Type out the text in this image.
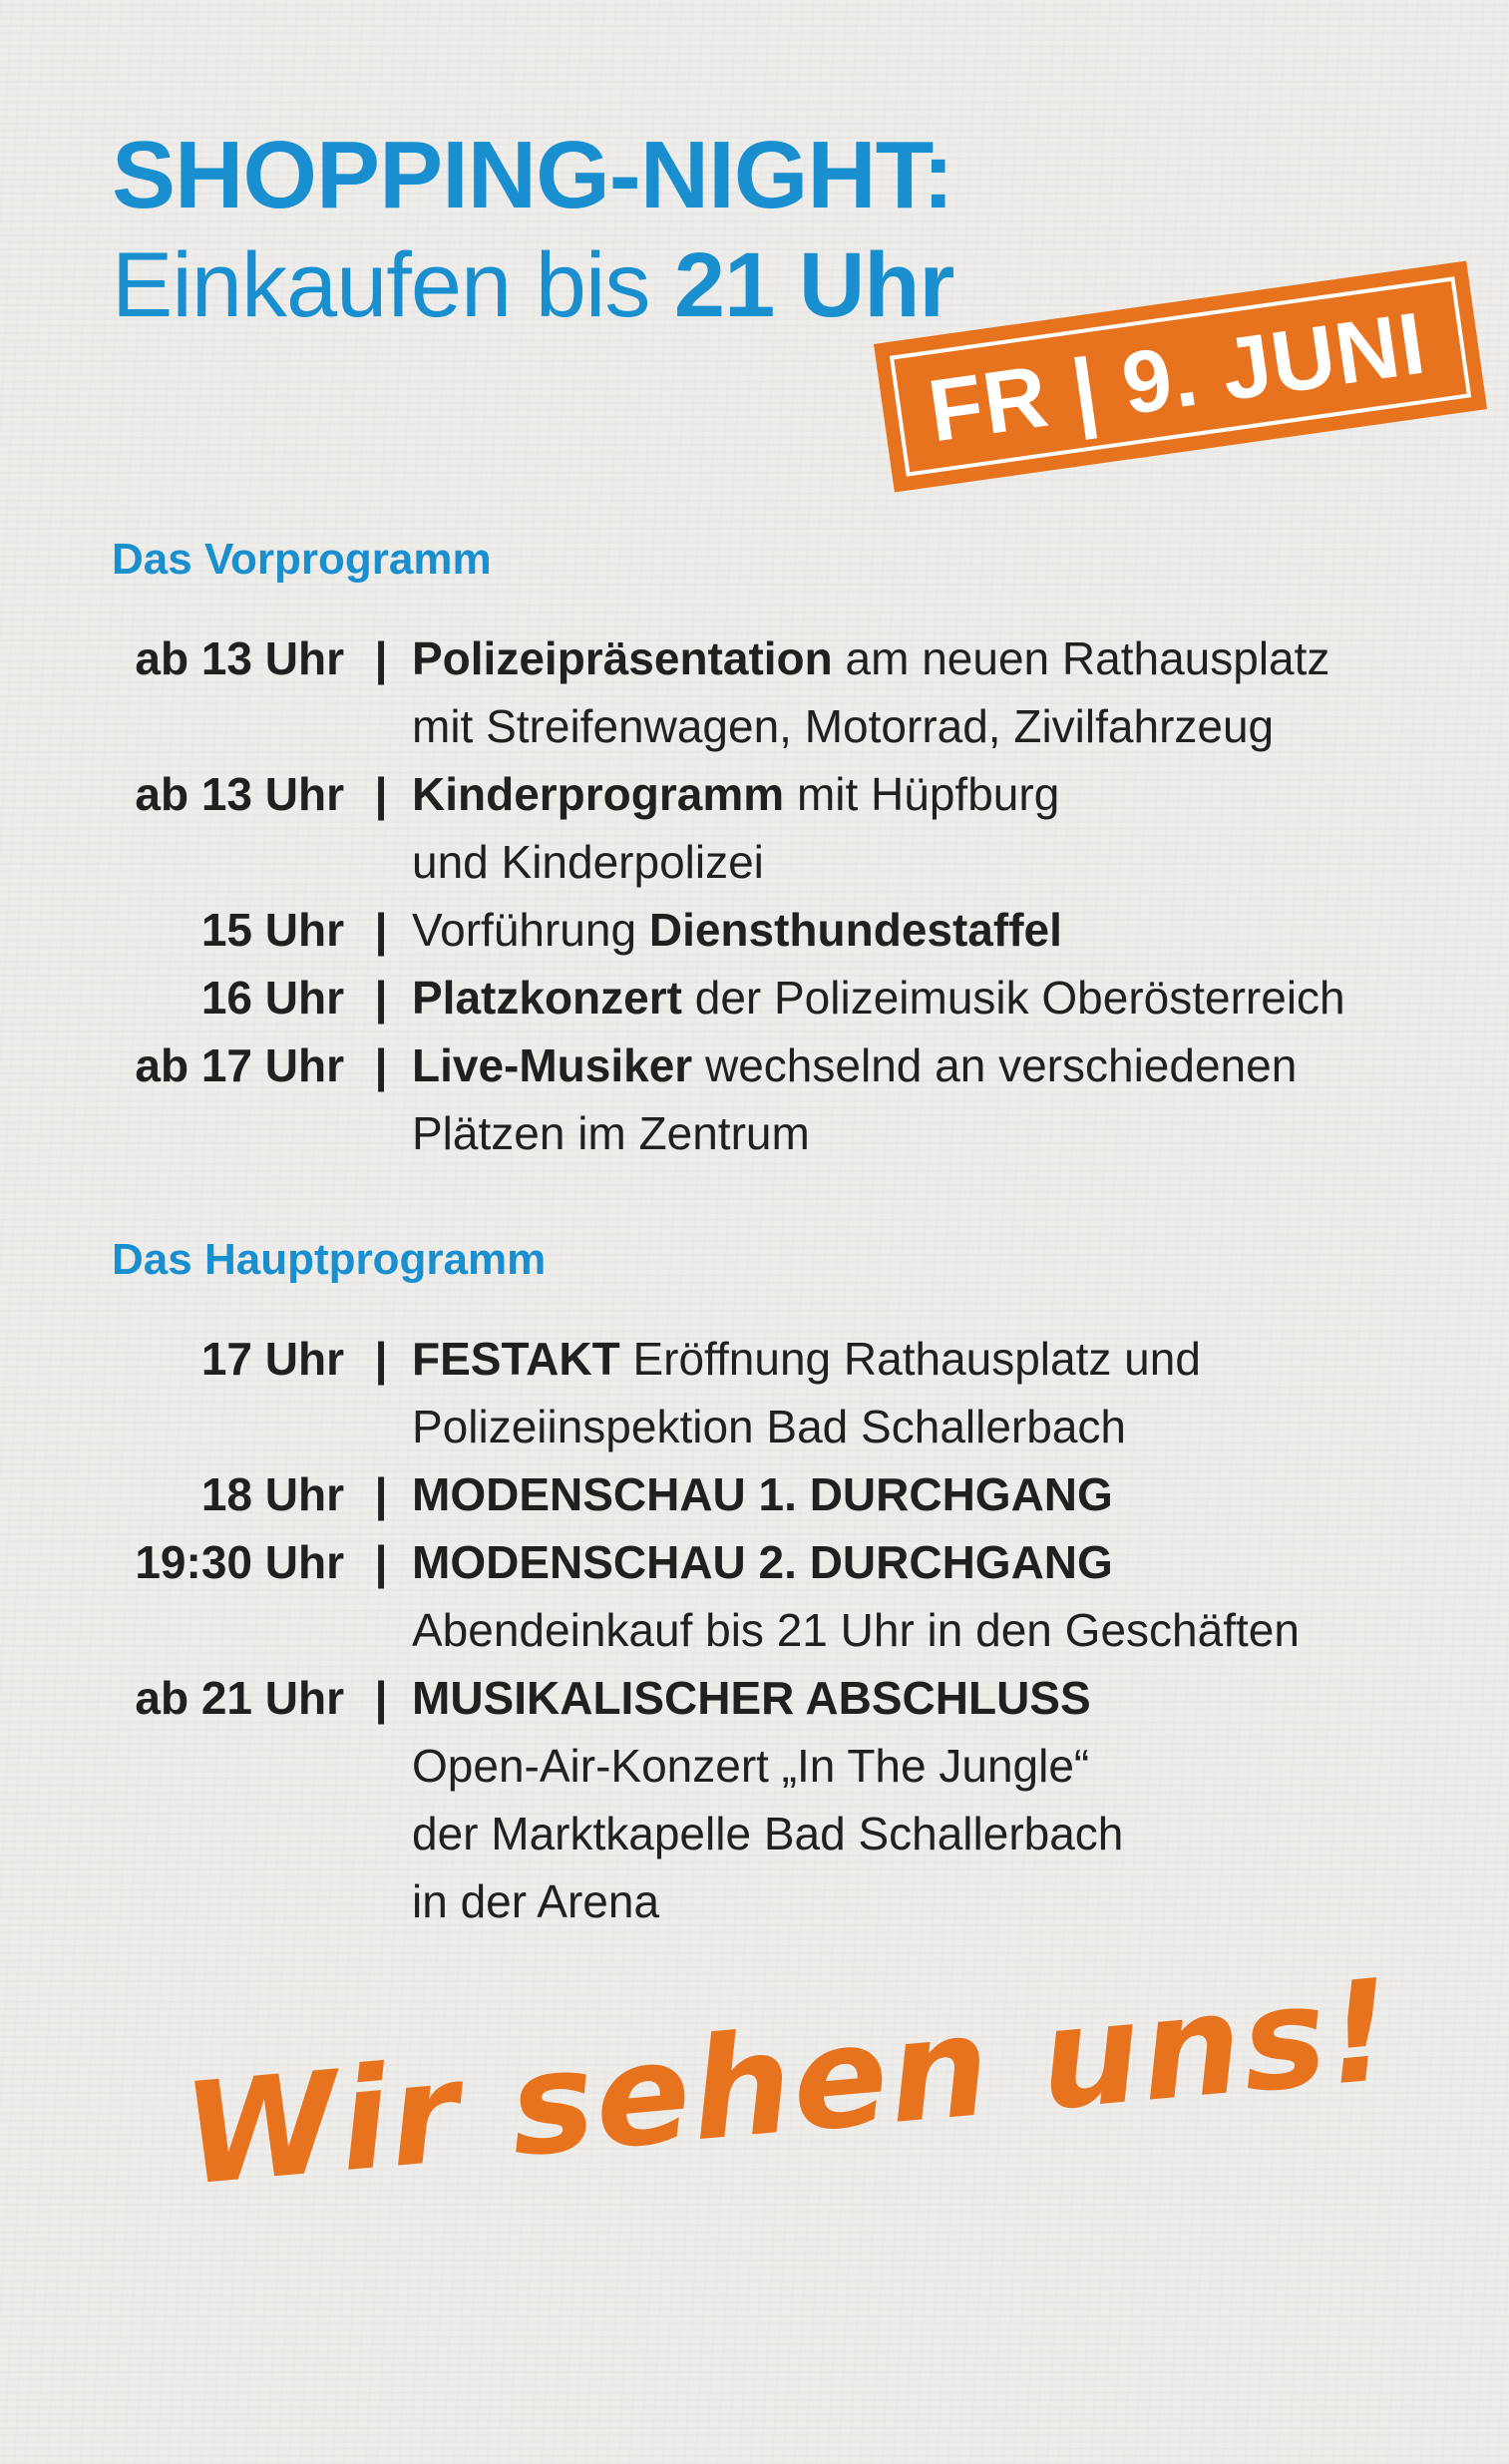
SHOPPING-NIGHT:
Einkaufen bis 21 Uhr
FR | 9. JUNI
Das Vorprogramm
ab 13 Uhr | Polizeipräsentation am neuen Rathausplatz
mit Streifenwagen, Motorrad, Zivilfahrzeug
ab 13 Uhr | Kinderprogramm mit Hüpfburg
und Kinderpolizei
15 Uhr | Vorführung Diensthundestaffel
16 Uhr | Platzkonzert der Polizeimusik Oberösterreich
ab 17 Uhr | Live-Musiker wechselnd an verschiedenen
Plätzen im Zentrum
Das Hauptprogramm
17 Uhr | FESTAKT Eröffnung Rathausplatz und
Polizeiinspektion Bad Schallerbach
18 Uhr | MODENSCHAU 1. DURCHGANG
19:30 Uhr | MODENSCHAU 2. DURCHGANG
Abendeinkauf bis 21 Uhr in den Geschäften
ab 21 Uhr | MUSIKALISCHER ABSCHLUSS
Open-Air-Konzert „In The Jungle“
der Marktkapelle Bad Schallerbach
in der Arena
Wir sehen uns!
